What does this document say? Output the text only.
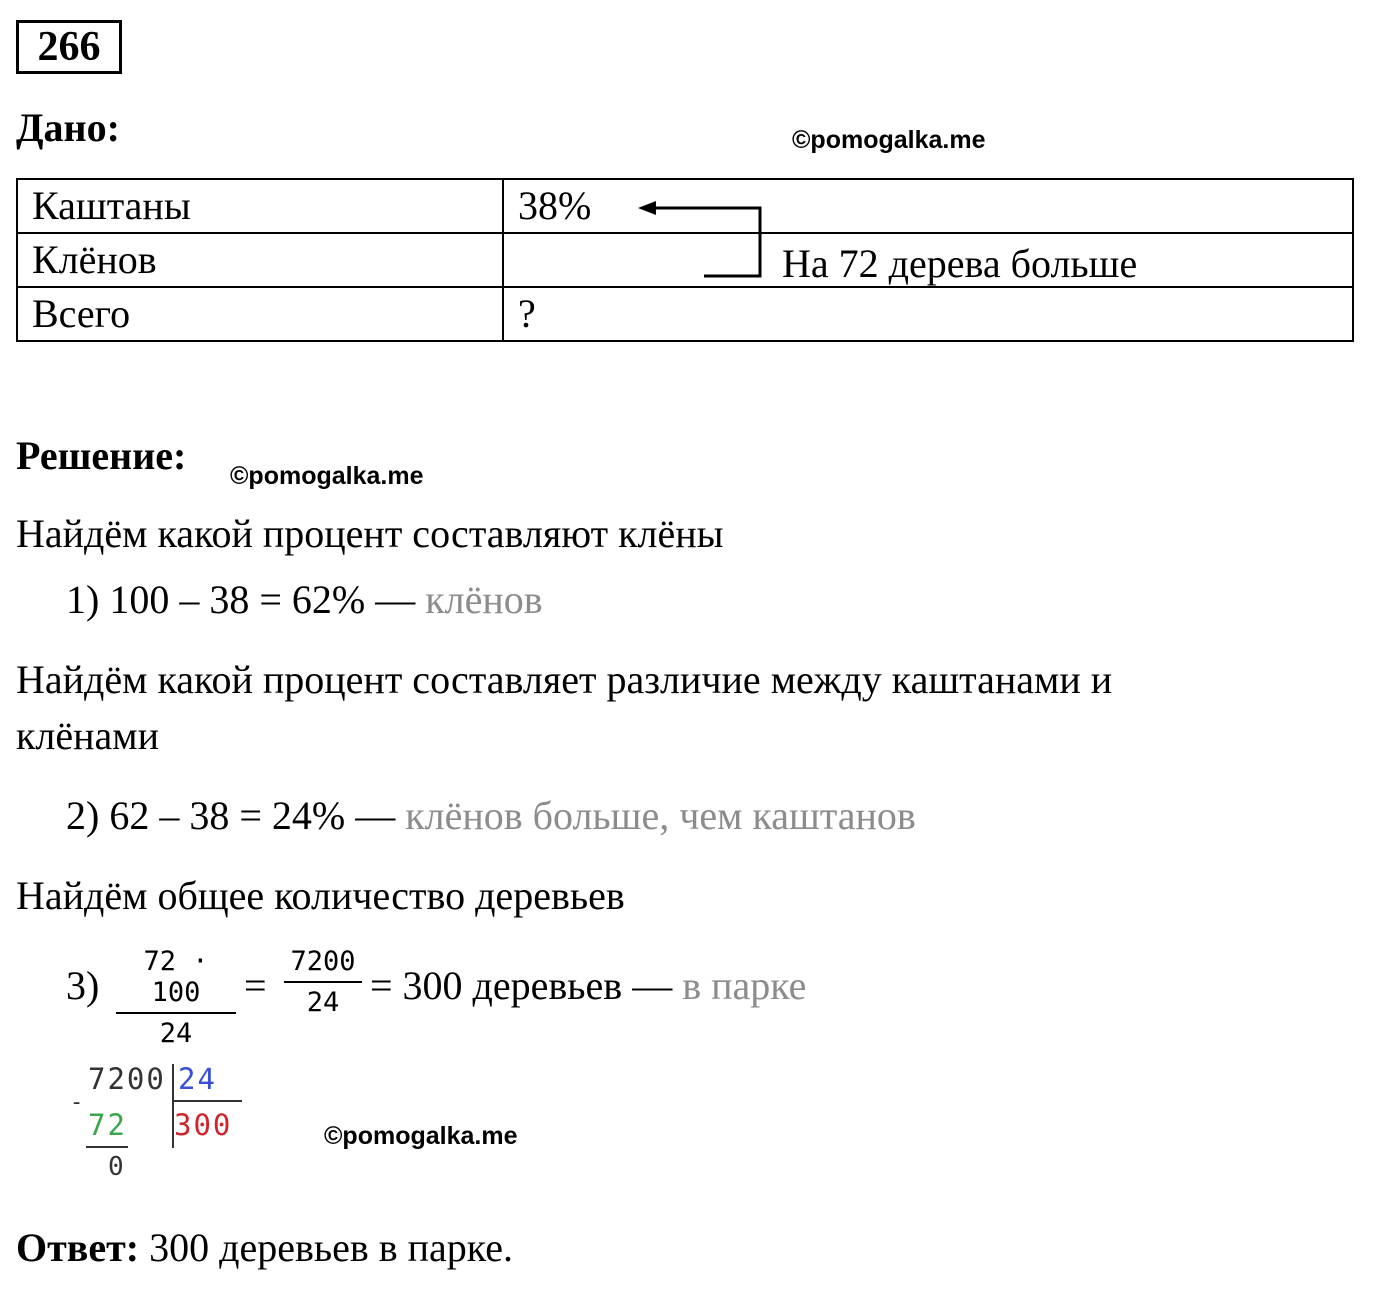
266
Дано:	©pomogalka.me
Каштаны	38%
Клёнов	
Всего	?
На 72 дерева больше
Решение: ©pomogalka.me
Найдём какой процент составляют клёны
1) 100 – 38 = 62% — клёнов
Найдём какой процент составляет различие между каштанами и
клёнами
2) 62 – 38 = 24% — клёнов больше, чем каштанов
Найдём общее количество деревьев
3)
72 · 100
24
=
7200
24 = 300 деревьев — в парке
7200 24
300
-
72
0
©pomogalka.me
Ответ: 300 деревьев в парке.
